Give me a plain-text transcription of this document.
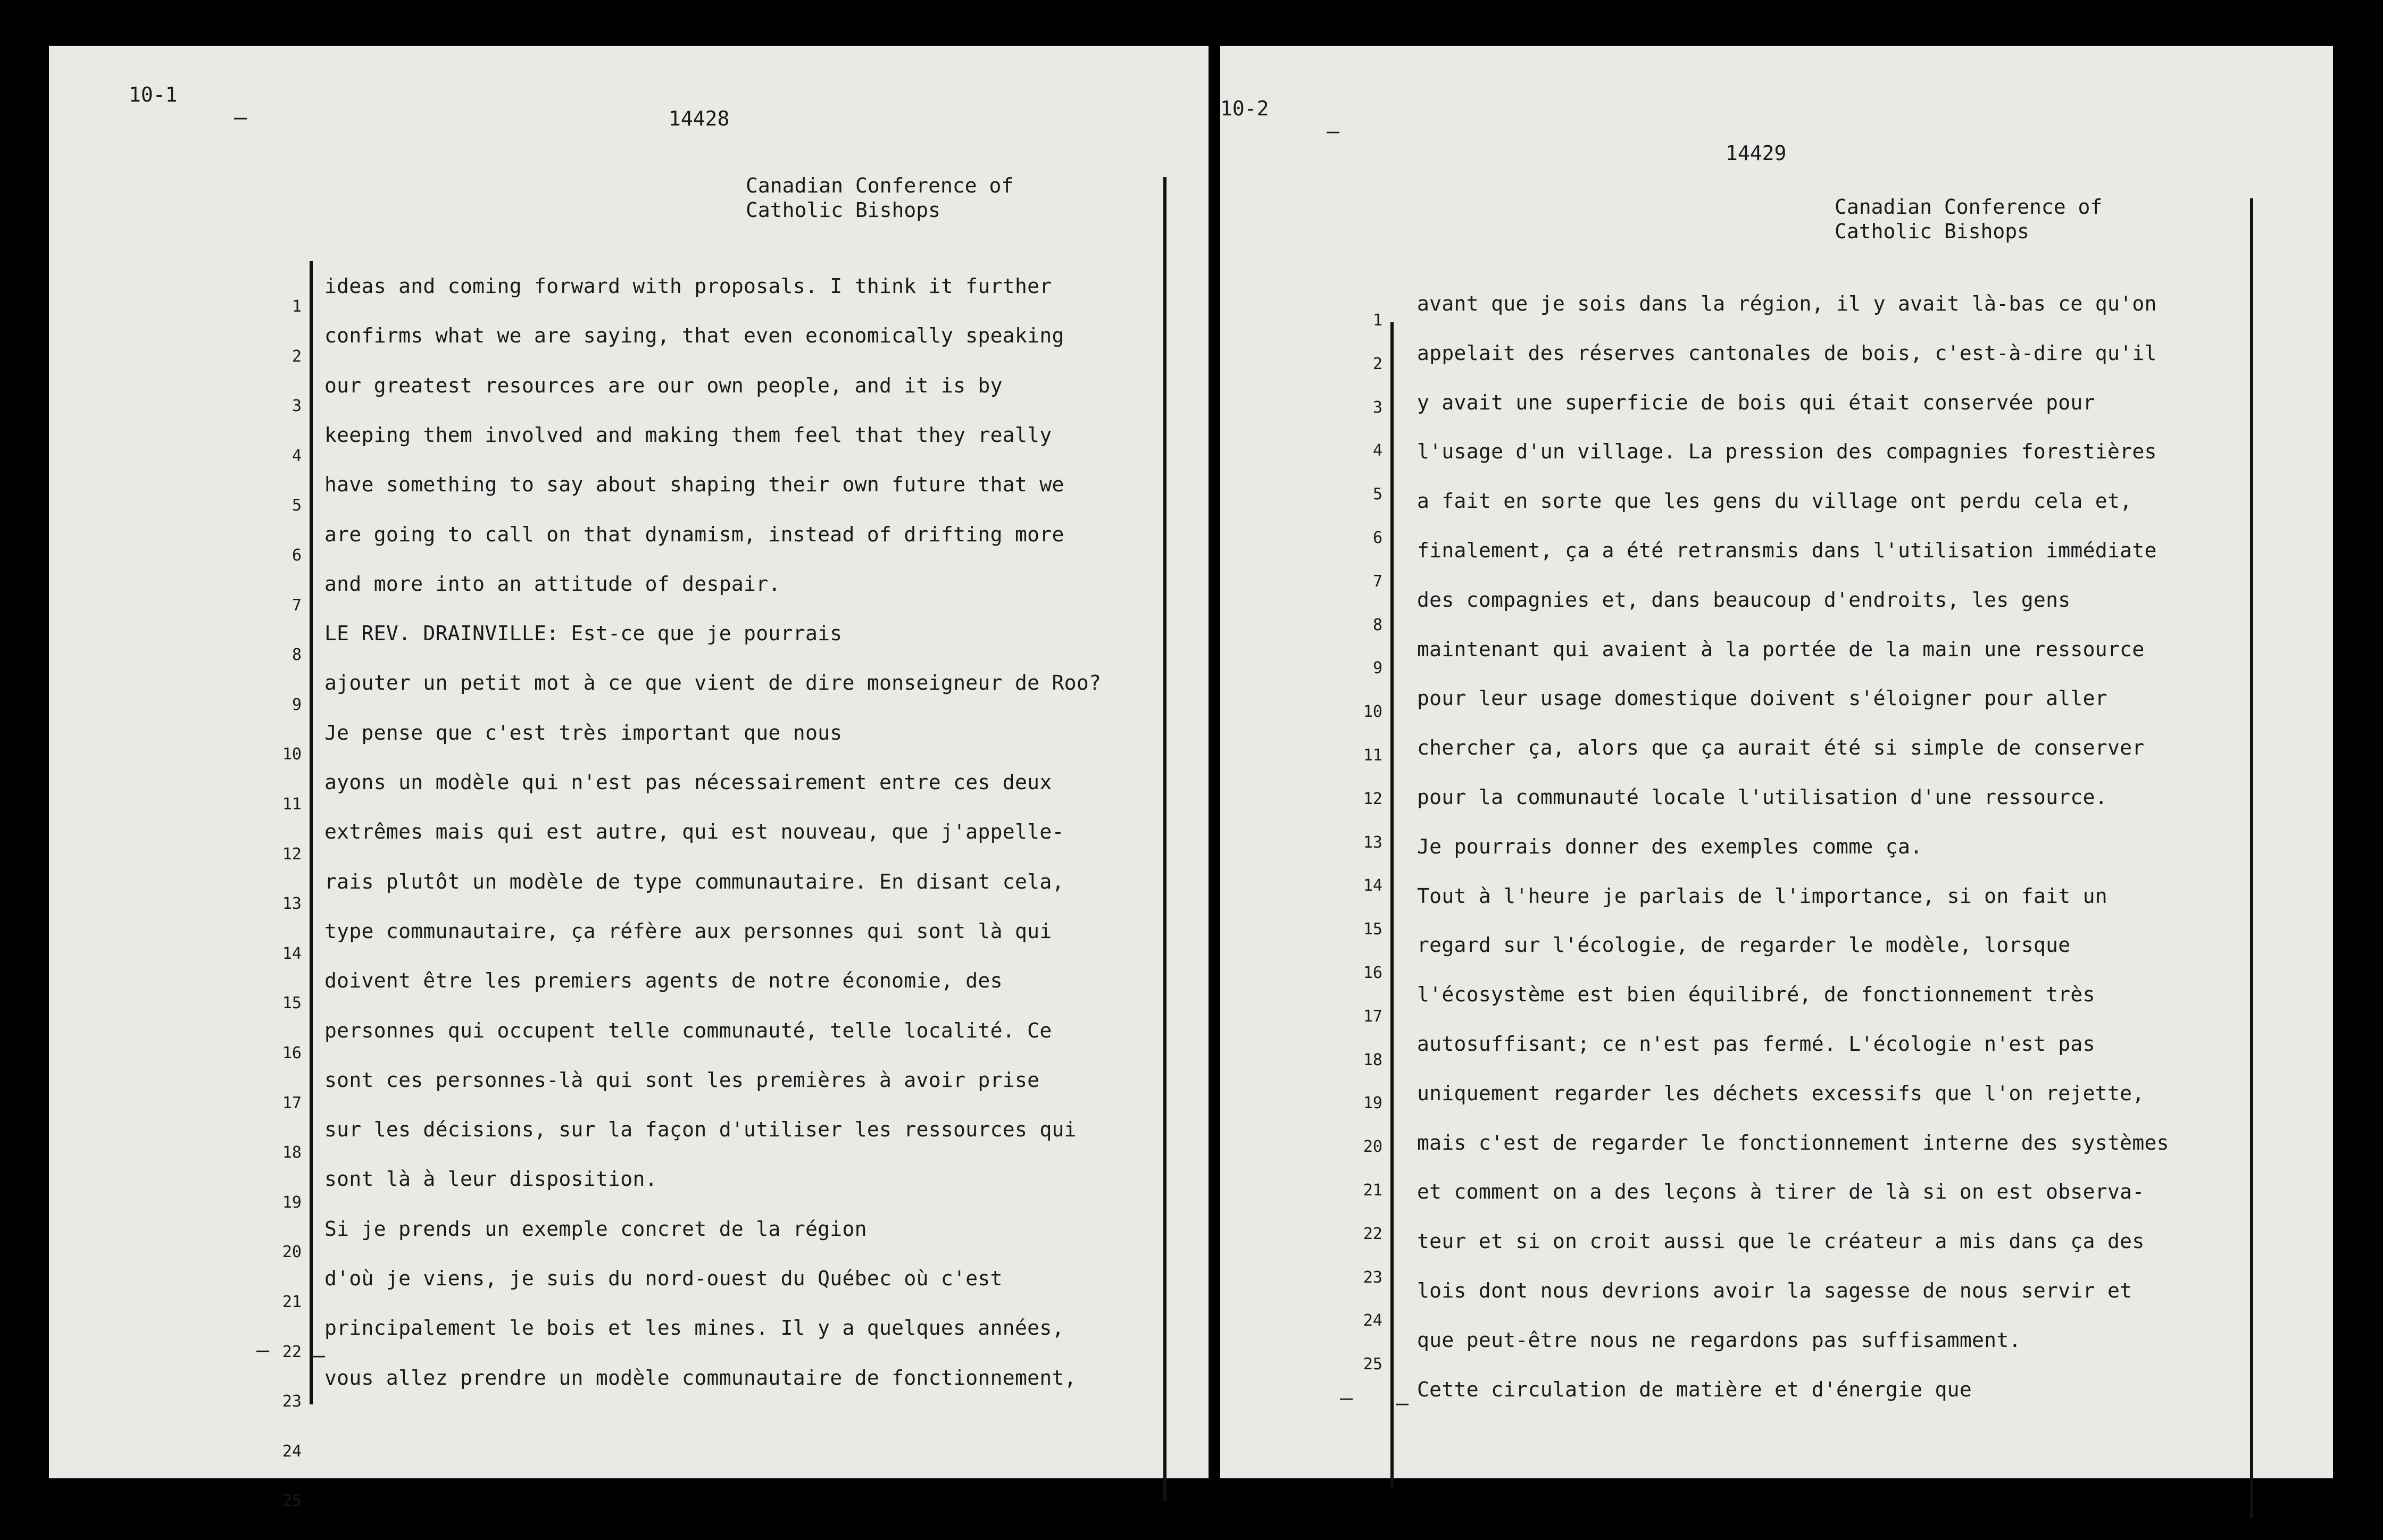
10-1
–	14428
Canadian Conference of
Catholic Bishops
1
2
3
4
5
6
7
8
9
10
11
12
13
14
15
16
17
18
19
20
21
22
23
24
25
ideas and coming forward with proposals. I think it further
confirms what we are saying, that even economically speaking
our greatest resources are our own people, and it is by
keeping them involved and making them feel that they really
have something to say about shaping their own future that we
are going to call on that dynamism, instead of drifting more
and more into an attitude of despair.
LE REV. DRAINVILLE: Est-ce que je pourrais
ajouter un petit mot à ce que vient de dire monseigneur de Roo?
Je pense que c'est très important que nous
ayons un modèle qui n'est pas nécessairement entre ces deux
extrêmes mais qui est autre, qui est nouveau, que j'appelle-
rais plutôt un modèle de type communautaire. En disant cela,
type communautaire, ça réfère aux personnes qui sont là qui
doivent être les premiers agents de notre économie, des
personnes qui occupent telle communauté, telle localité. Ce
sont ces personnes-là qui sont les premières à avoir prise
sur les décisions, sur la façon d'utiliser les ressources qui
sont là à leur disposition.
Si je prends un exemple concret de la région
d'où je viens, je suis du nord-ouest du Québec où c'est
principalement le bois et les mines. Il y a quelques années,
vous allez prendre un modèle communautaire de fonctionnement,
— –
10-2
–
14429
Canadian Conference of
Catholic Bishops
1
2
3
4
5
6
7
8
9
10
11
12
13
14
15
16
17
18
19
20
21
22
23
24
25
avant que je sois dans la région, il y avait là-bas ce qu'on
appelait des réserves cantonales de bois, c'est-à-dire qu'il
y avait une superficie de bois qui était conservée pour
l'usage d'un village. La pression des compagnies forestières
a fait en sorte que les gens du village ont perdu cela et,
finalement, ça a été retransmis dans l'utilisation immédiate
des compagnies et, dans beaucoup d'endroits, les gens
maintenant qui avaient à la portée de la main une ressource
pour leur usage domestique doivent s'éloigner pour aller
chercher ça, alors que ça aurait été si simple de conserver
pour la communauté locale l'utilisation d'une ressource.
Je pourrais donner des exemples comme ça.
Tout à l'heure je parlais de l'importance, si on fait un
regard sur l'écologie, de regarder le modèle, lorsque
l'écosystème est bien équilibré, de fonctionnement très
autosuffisant; ce n'est pas fermé. L'écologie n'est pas
uniquement regarder les déchets excessifs que l'on rejette,
mais c'est de regarder le fonctionnement interne des systèmes
et comment on a des leçons à tirer de là si on est observa-
teur et si on croit aussi que le créateur a mis dans ça des
lois dont nous devrions avoir la sagesse de nous servir et
que peut-être nous ne regardons pas suffisamment.
Cette circulation de matière et d'énergie que
— –
